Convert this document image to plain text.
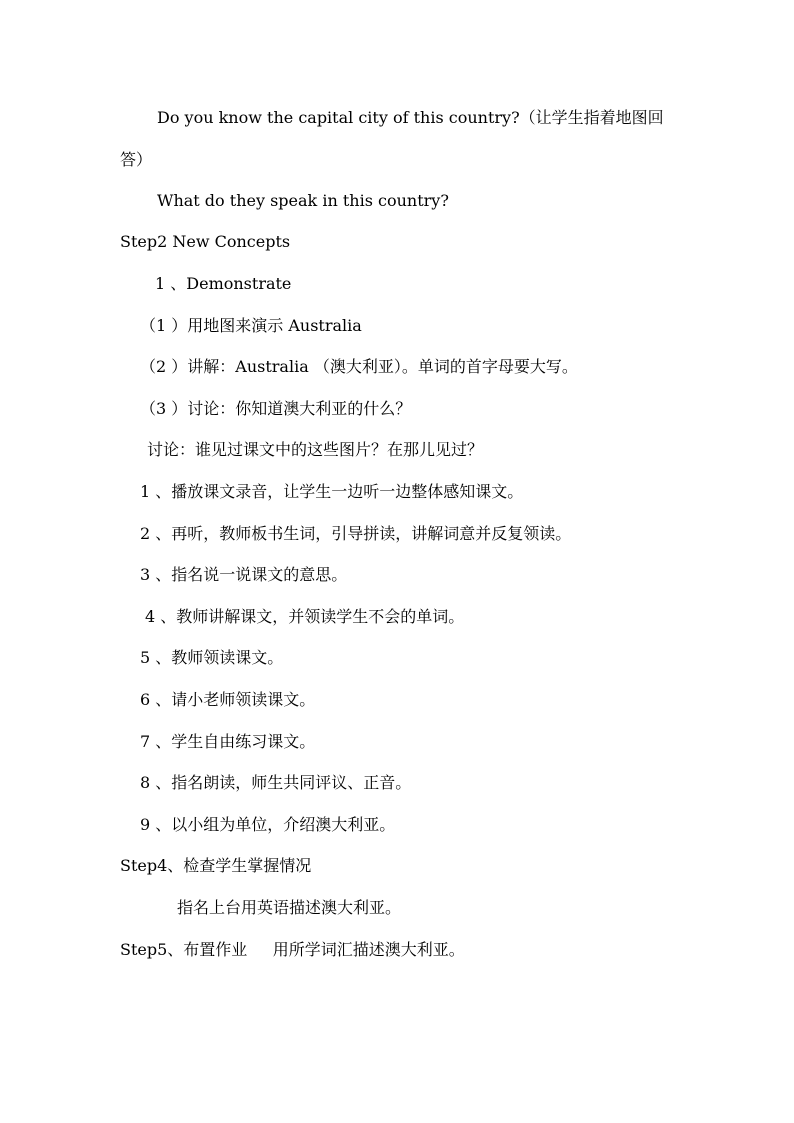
Do you know the capital city of this country?（让学生指着地图回
答）
What do they speak in this country?
Step2 New Concepts
1 、Demonstrate
（1 ）用地图来演示 Australia
（2 ）讲解：Australia （澳大利亚）。单词的首字母要大写。
（3 ）讨论：你知道澳大利亚的什么？
讨论：谁见过课文中的这些图片？在那儿见过？
1 、播放课文录音，让学生一边听一边整体感知课文。
2 、再听，教师板书生词，引导拼读，讲解词意并反复领读。
3 、指名说一说课文的意思。
4 、教师讲解课文，并领读学生不会的单词。
5 、教师领读课文。
6 、请小老师领读课文。
7 、学生自由练习课文。
8 、指名朗读，师生共同评议、正音。
9 、以小组为单位，介绍澳大利亚。
Step4、检查学生掌握情况
指名上台用英语描述澳大利亚。
Step5、布置作业     用所学词汇描述澳大利亚。
